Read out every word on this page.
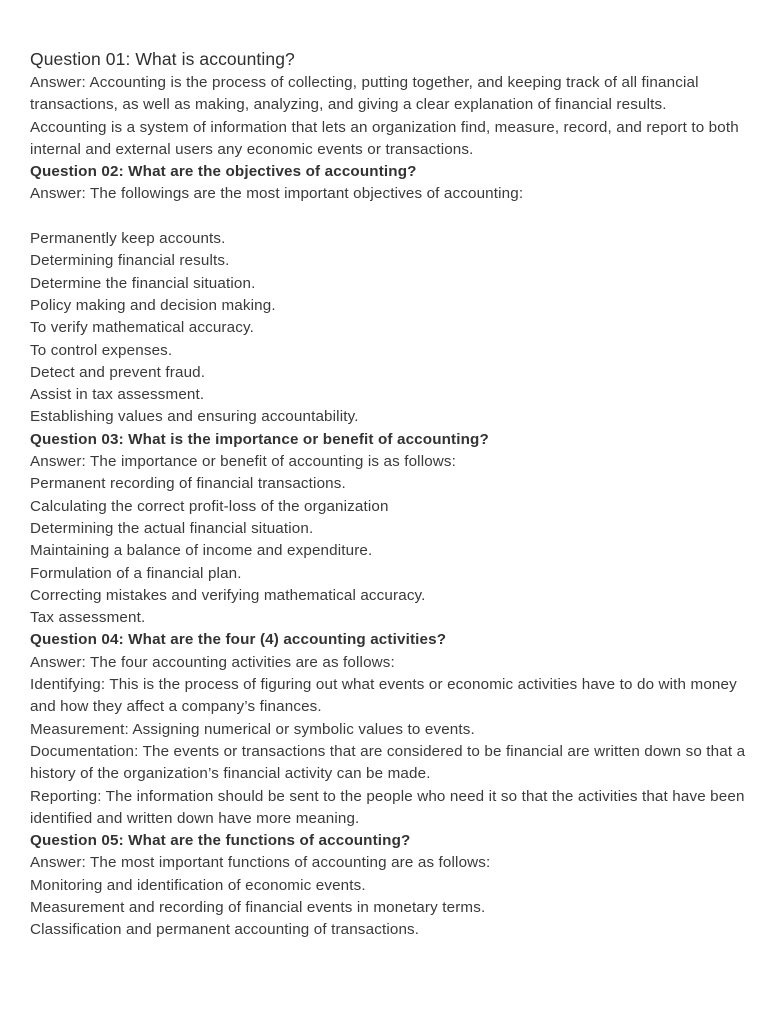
Question 01: What is accounting?
Answer: Accounting is the process of collecting, putting together, and keeping track of all financial transactions, as well as making, analyzing, and giving a clear explanation of financial results.
Accounting is a system of information that lets an organization find, measure, record, and report to both internal and external users any economic events or transactions.
Question 02: What are the objectives of accounting?
Answer: The followings are the most important objectives of accounting:
Permanently keep accounts.
Determining financial results.
Determine the financial situation.
Policy making and decision making.
To verify mathematical accuracy.
To control expenses.
Detect and prevent fraud.
Assist in tax assessment.
Establishing values and ensuring accountability.
Question 03: What is the importance or benefit of accounting?
Answer: The importance or benefit of accounting is as follows:
Permanent recording of financial transactions.
Calculating the correct profit-loss of the organization
Determining the actual financial situation.
Maintaining a balance of income and expenditure.
Formulation of a financial plan.
Correcting mistakes and verifying mathematical accuracy.
Tax assessment.
Question 04: What are the four (4) accounting activities?
Answer: The four accounting activities are as follows:
Identifying: This is the process of figuring out what events or economic activities have to do with money and how they affect a company’s finances.
Measurement: Assigning numerical or symbolic values to events.
Documentation: The events or transactions that are considered to be financial are written down so that a history of the organization’s financial activity can be made.
Reporting: The information should be sent to the people who need it so that the activities that have been identified and written down have more meaning.
Question 05: What are the functions of accounting?
Answer: The most important functions of accounting are as follows:
Monitoring and identification of economic events.
Measurement and recording of financial events in monetary terms.
Classification and permanent accounting of transactions.
